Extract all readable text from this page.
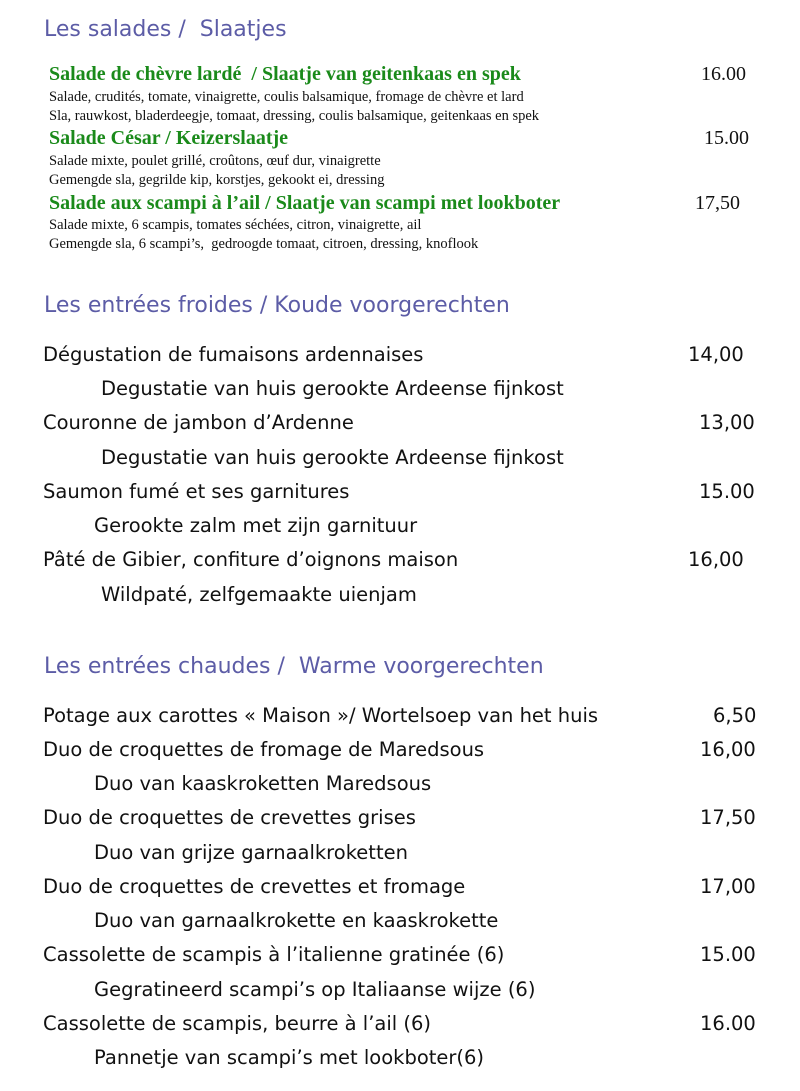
Les salades /  Slaatjes
Salade de chèvre lardé  / Slaatje van geitenkaas en spek	16.00
Salade, crudités, tomate, vinaigrette, coulis balsamique, fromage de chèvre et lard
Sla, rauwkost, bladerdeegje, tomaat, dressing, coulis balsamique, geitenkaas en spek
Salade César / Keizerslaatje	15.00
Salade mixte, poulet grillé, croûtons, œuf dur, vinaigrette
Gemengde sla, gegrilde kip, korstjes, gekookt ei, dressing
Salade aux scampi à l’ail / Slaatje van scampi met lookboter	17,50
Salade mixte, 6 scampis, tomates séchées, citron, vinaigrette, ail
Gemengde sla, 6 scampi’s,  gedroogde tomaat, citroen, dressing, knoflook
Les entrées froides / Koude voorgerechten
Dégustation de fumaisons ardennaises	14,00
Degustatie van huis gerookte Ardeense fijnkost
Couronne de jambon d’Ardenne	13,00
Degustatie van huis gerookte Ardeense fijnkost
Saumon fumé et ses garnitures	15.00
Gerookte zalm met zijn garnituur
Pâté de Gibier, confiture d’oignons maison	16,00
Wildpaté, zelfgemaakte uienjam
Les entrées chaudes /  Warme voorgerechten
Potage aux carottes « Maison »/ Wortelsoep van het huis	6,50
Duo de croquettes de fromage de Maredsous	16,00
Duo van kaaskroketten Maredsous
Duo de croquettes de crevettes grises	17,50
Duo van grijze garnaalkroketten
Duo de croquettes de crevettes et fromage	17,00
Duo van garnaalkrokette en kaaskrokette
Cassolette de scampis à l’italienne gratinée (6)	15.00
Gegratineerd scampi’s op Italiaanse wijze (6)
Cassolette de scampis, beurre à l’ail (6)	16.00
Pannetje van scampi’s met lookboter(6)
